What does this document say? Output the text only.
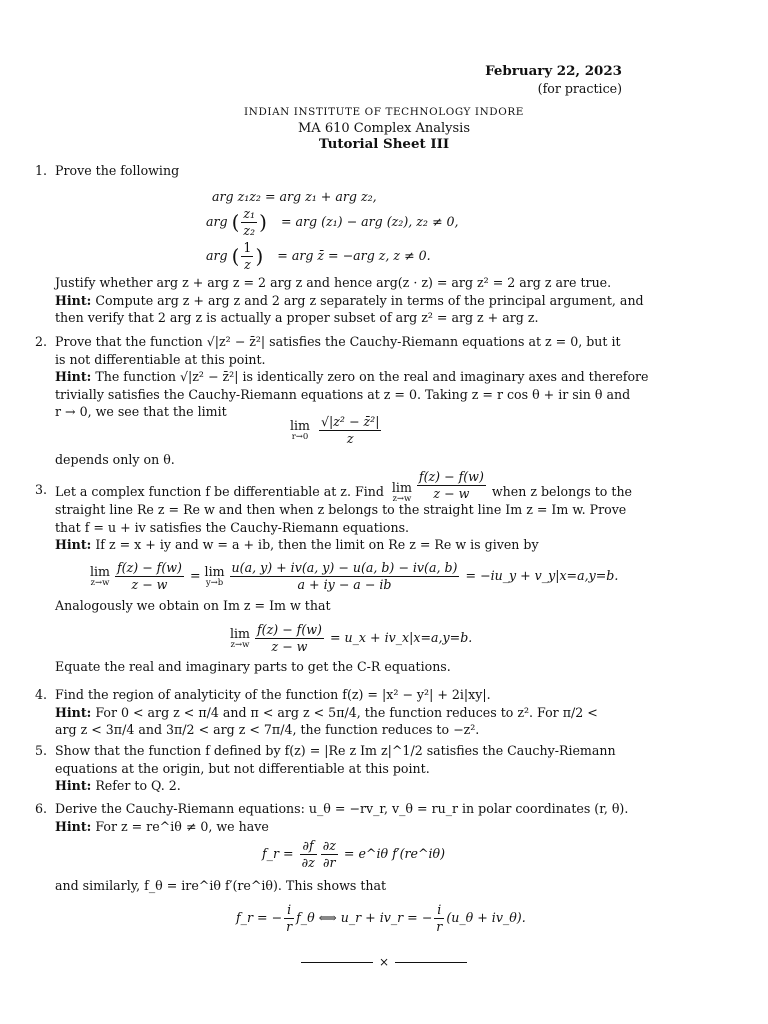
February 22, 2023
(for practice)
INDIAN INSTITUTE OF TECHNOLOGY INDORE
MA 610 Complex Analysis
Tutorial Sheet III
1. Prove the following
arg z₁z₂ = arg z₁ + arg z₂,
arg ( $\frac{\text{z₁}}{\text{z₂}}$ ) = arg (z₁) − arg (z₂), z₂ ≠ 0,
arg ( $\frac{1}{z}$ ) = arg z̄ = −arg z, z ≠ 0.
Justify whether arg z + arg z = 2 arg z and hence arg(z · z) = arg z² = 2 arg z are true.
Hint: Compute arg z + arg z and 2 arg z separately in terms of the principal argument, and
then verify that 2 arg z is actually a proper subset of arg z² = arg z + arg z.
2. Prove that the function √|z² − z̄²| satisfies the Cauchy-Riemann equations at z = 0, but it
is not differentiable at this point.
Hint: The function √|z² − z̄²| is identically zero on the real and imaginary axes and therefore
trivially satisfies the Cauchy-Riemann equations at z = 0. Taking z = r cos θ + ir sin θ and
r → 0, we see that the limit
lim
r→0
$\frac{\text{√|z² − z̄²|}}{z}$
depends only on θ.
3. Let a complex function f be differentiable at z. Find lim
$z\to w \frac{f(z) - f(w)}{z - w}$ when z belongs to the
straight line Re z = Re w and then when z belongs to the straight line Im z = Im w. Prove
that f = u + iv satisfies the Cauchy-Riemann equations.
Hint: If z = x + iy and w = a + ib, then the limit on Re z = Re w is given by
lim
$z\to w \frac{f(z) - f(w)}{z - w} = \lim$
$y\to b \frac{u(a, y) + iv(a, y) - u(a, b) - iv(a, b)}{a + iy - a - ib}$ = −iu_y + v_y|x=a,y=b.
Analogously we obtain on Im z = Im w that
lim
$z\to w \frac{f(z) - f(w)}{z - w}$ = u_x + iv_x|x=a,y=b.
Equate the real and imaginary parts to get the C-R equations.
4. Find the region of analyticity of the function f(z) = |x² − y²| + 2i|xy|.
Hint: For 0 < arg z < π/4 and π < arg z < 5π/4, the function reduces to z². For π/2 <
arg z < 3π/4 and 3π/2 < arg z < 7π/4, the function reduces to −z².
5. Show that the function f defined by f(z) = |Re z Im z|^1/2 satisfies the Cauchy-Riemann
equations at the origin, but not differentiable at this point.
Hint: Refer to Q. 2.
6. Derive the Cauchy-Riemann equations: u_θ = −rv_r, v_θ = ru_r in polar coordinates (r, θ).
Hint: For z = re^iθ ≠ 0, we have
f_r = $\frac{\partial f}{\partial z} \frac{\partial z}{\partial r}$ = e^iθ f′(re^iθ)
and similarly, f_θ = ire^iθ f′(re^iθ). This shows that
f_r = − $\frac{i}{r}$ f_θ ⟺ u_r + iv_r = − $\frac{i}{r}$ (u_θ + iv_θ).
×
